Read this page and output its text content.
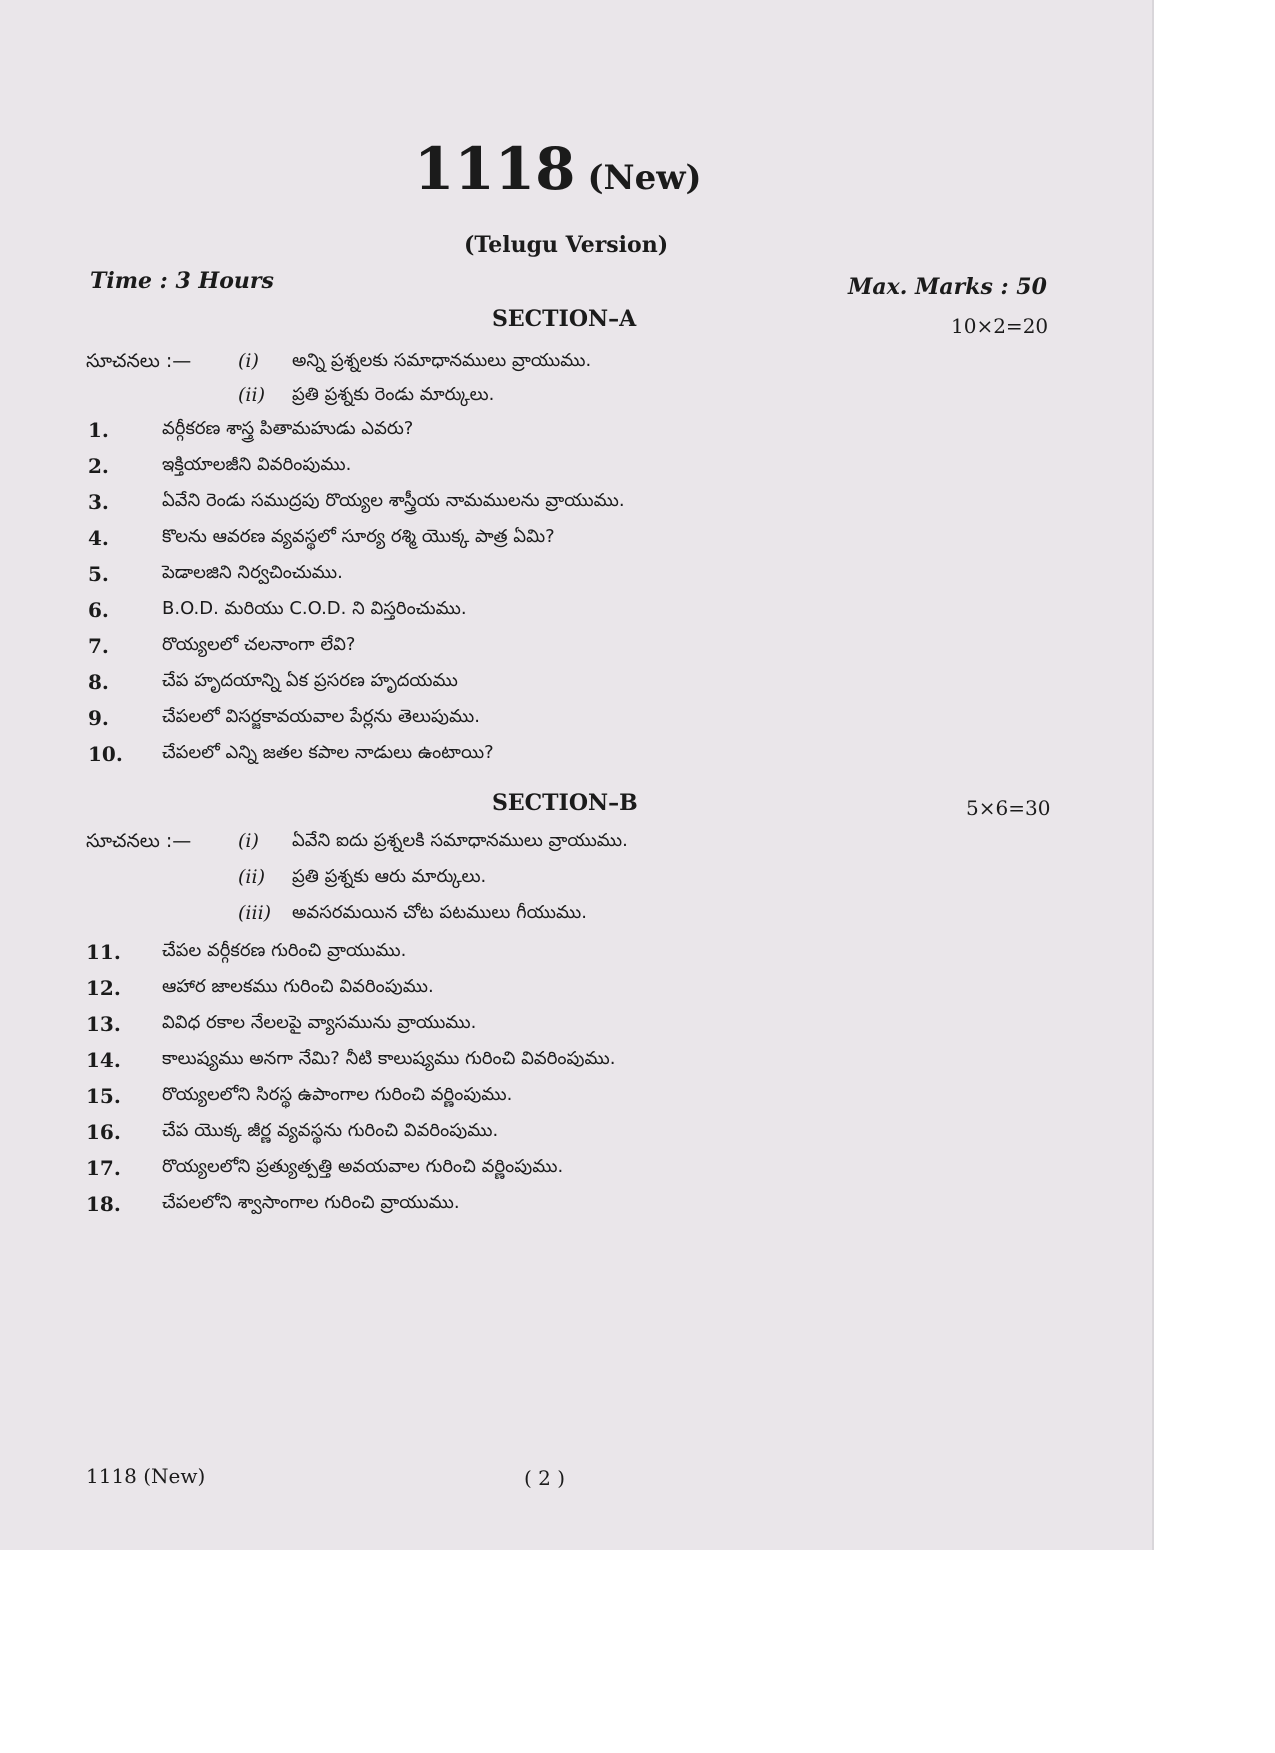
1118 (New)
(Telugu Version)
Time : 3 Hours	Max. Marks : 50
SECTION–A	10×2=20
సూచనలు :— (i) అన్ని ప్రశ్నలకు సమాధానములు వ్రాయుము.
(ii) ప్రతి ప్రశ్నకు రెండు మార్కులు.
1.	వర్గీకరణ శాస్త్ర పితామహుడు ఎవరు?
2.	ఇక్తియాలజీని వివరింపుము.
3.	ఏవేని రెండు సముద్రపు రొయ్యల శాస్త్రీయ నామములను వ్రాయుము.
4.	కొలను ఆవరణ వ్యవస్థలో సూర్య రశ్మి యొక్క పాత్ర ఏమి?
5.	పెడాలజిని నిర్వచించుము.
6.	B.O.D. మరియు C.O.D. ని విస్తరించుము.
7.	రొయ్యలలో చలనాంగా లేవి?
8.	చేప హృదయాన్ని ఏక ప్రసరణ హృదయము
9.	చేపలలో విసర్జకావయవాల పేర్లను తెలుపుము.
10. చేపలలో ఎన్ని జతల కపాల నాడులు ఉంటాయి?
SECTION–B	5×6=30
సూచనలు :— (i) ఏవేని ఐదు ప్రశ్నలకి సమాధానములు వ్రాయుము.
(ii) ప్రతి ప్రశ్నకు ఆరు మార్కులు.
(iii) అవసరమయిన చోట పటములు గీయుము.
11. చేపల వర్గీకరణ గురించి వ్రాయుము.
12. ఆహార జాలకము గురించి వివరింపుము.
13. వివిధ రకాల నేలలపై వ్యాసమును వ్రాయుము.
14. కాలుష్యము అనగా నేమి? నీటి కాలుష్యము గురించి వివరింపుము.
15. రొయ్యలలోని సిరస్థ ఉపాంగాల గురించి వర్ణింపుము.
16. చేప యొక్క జీర్ణ వ్యవస్థను గురించి వివరింపుము.
17. రొయ్యలలోని ప్రత్యుత్పత్తి అవయవాల గురించి వర్ణింపుము.
18. చేపలలోని శ్వాసాంగాల గురించి వ్రాయుము.
1118 (New)	( 2 )
